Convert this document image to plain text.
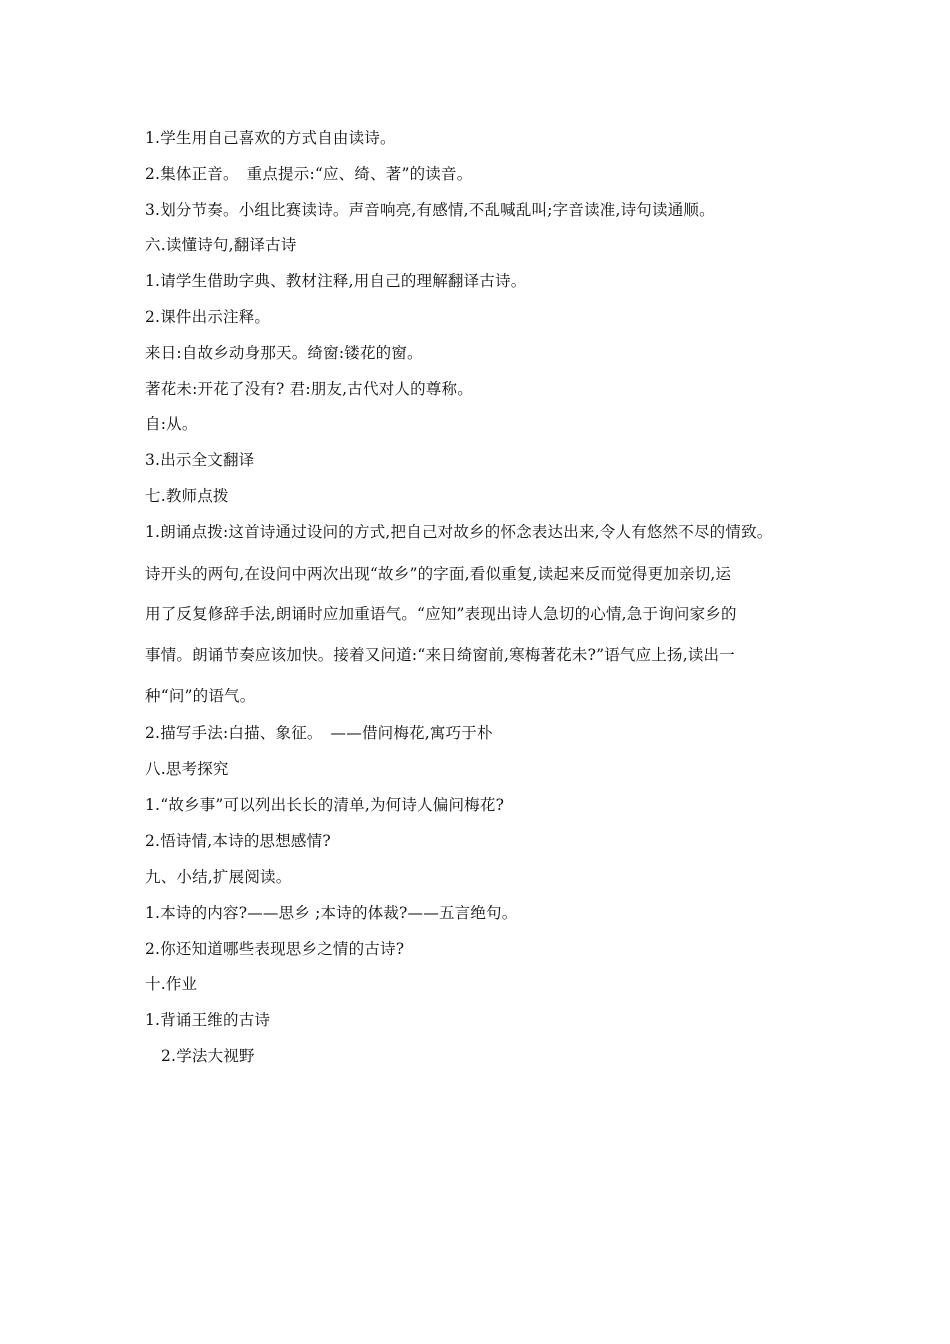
1.学生用自己喜欢的方式自由读诗。
2.集体正音。　重点提示:“应、绮、著”的读音。
3.划分节奏。小组比赛读诗。声音响亮,有感情,不乱喊乱叫;字音读准,诗句读通顺。
六.读懂诗句,翻译古诗
1.请学生借助字典、教材注释,用自己的理解翻译古诗。
2.课件出示注释。
来日:自故乡动身那天。绮窗:镂花的窗。
著花未:开花了没有? 君:朋友,古代对人的尊称。
自:从。
3.出示全文翻译
七.教师点拨
1.朗诵点拨:这首诗通过设问的方式,把自己对故乡的怀念表达出来,令人有悠然不尽的情致。
诗开头的两句,在设问中两次出现“故乡”的字面,看似重复,读起来反而觉得更加亲切,运
用了反复修辞手法,朗诵时应加重语气。“应知”表现出诗人急切的心情,急于询问家乡的
事情。朗诵节奏应该加快。接着又问道:“来日绮窗前,寒梅著花未?”语气应上扬,读出一
种“问”的语气。
2.描写手法:白描、象征。　——借问梅花,寓巧于朴
八.思考探究
1.“故乡事”可以列出长长的清单,为何诗人偏问梅花?
2.悟诗情,本诗的思想感情?
九、小结,扩展阅读。
1.本诗的内容?——思乡 ;本诗的体裁?——五言绝句。
2.你还知道哪些表现思乡之情的古诗?
十.作业
1.背诵王维的古诗
2.学法大视野
